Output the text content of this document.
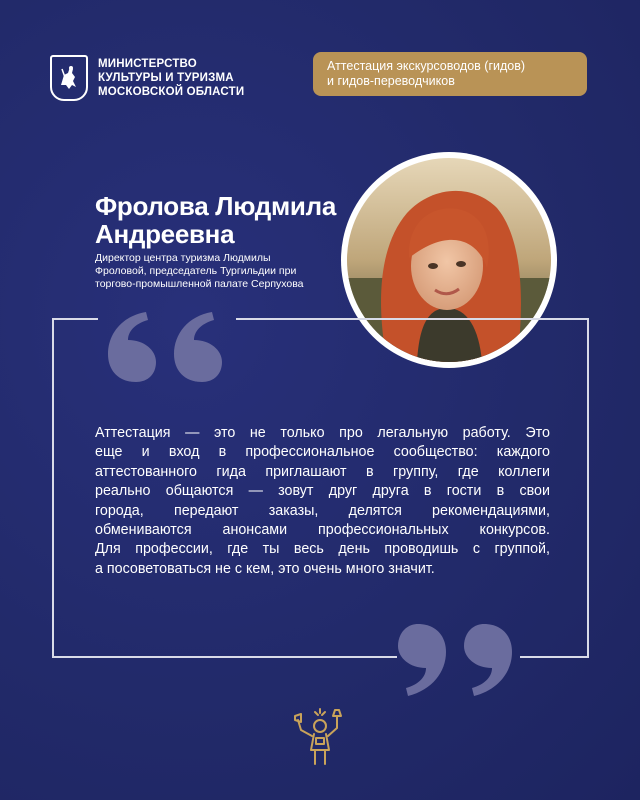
МИНИСТЕРСТВО
КУЛЬТУРЫ И ТУРИЗМА
МОСКОВСКОЙ ОБЛАСТИ
Аттестация экскурсоводов (гидов)
и гидов-переводчиков
Фролова Людмила
Андреевна
Директор центра туризма Людмилы
Фроловой, председатель Тургильдии при
торгово-промышленной палате Серпухова
Аттестация — это не только про легальную работу. Это
еще и вход в профессиональное сообщество: каждого
аттестованного гида приглашают в группу, где коллеги
реально общаются — зовут друг друга в гости в свои
города, передают заказы, делятся рекомендациями,
обмениваются анонсами профессиональных конкурсов.
Для профессии, где ты весь день проводишь с группой,
а посоветоваться не с кем, это очень много значит.
